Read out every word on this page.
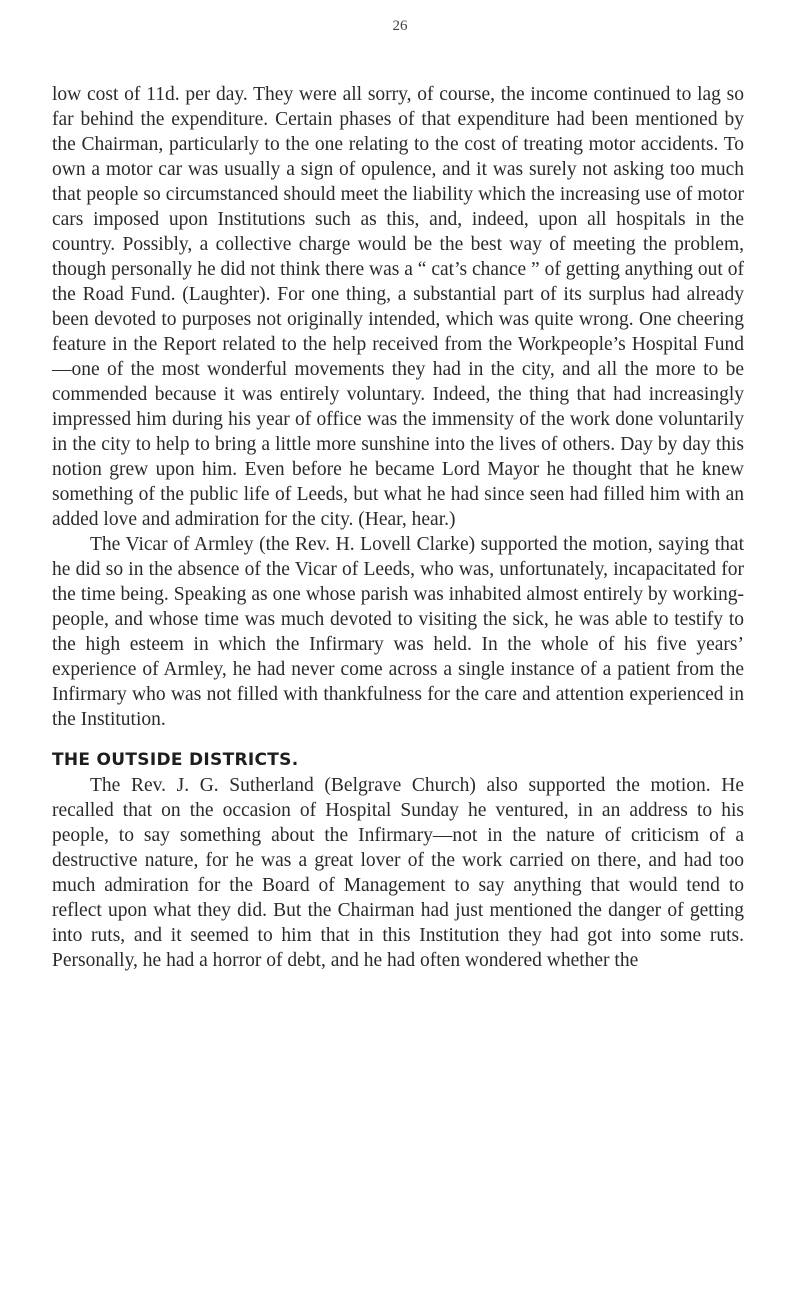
26

low cost of 11d. per day. They were all sorry, of course, the income continued to lag so far behind the expenditure. Certain phases of that expenditure had been mentioned by the Chairman, particularly to the one relating to the cost of treating motor accidents. To own a motor car was usually a sign of opulence, and it was surely not asking too much that people so circumstanced should meet the liability which the increasing use of motor cars imposed upon Institutions such as this, and, indeed, upon all hospitals in the country. Possibly, a collective charge would be the best way of meeting the problem, though personally he did not think there was a “ cat’s chance ” of getting anything out of the Road Fund. (Laughter). For one thing, a substantial part of its surplus had already been devoted to purposes not originally intended, which was quite wrong. One cheering feature in the Report related to the help received from the Workpeople’s Hospital Fund—one of the most wonderful movements they had in the city, and all the more to be commended because it was entirely voluntary. Indeed, the thing that had increasingly impressed him during his year of office was the immensity of the work done voluntarily in the city to help to bring a little more sunshine into the lives of others. Day by day this notion grew upon him. Even before he became Lord Mayor he thought that he knew something of the public life of Leeds, but what he had since seen had filled him with an added love and admiration for the city. (Hear, hear.)

The Vicar of Armley (the Rev. H. Lovell Clarke) supported the motion, saying that he did so in the absence of the Vicar of Leeds, who was, unfortunately, incapacitated for the time being. Speaking as one whose parish was inhabited almost entirely by working-people, and whose time was much devoted to visiting the sick, he was able to testify to the high esteem in which the Infirmary was held. In the whole of his five years’ experience of Armley, he had never come across a single instance of a patient from the Infirmary who was not filled with thankfulness for the care and attention experienced in the Institution.

THE OUTSIDE DISTRICTS.

The Rev. J. G. Sutherland (Belgrave Church) also supported the motion. He recalled that on the occasion of Hospital Sunday he ventured, in an address to his people, to say something about the Infirmary—not in the nature of criticism of a destructive nature, for he was a great lover of the work carried on there, and had too much admiration for the Board of Management to say anything that would tend to reflect upon what they did. But the Chairman had just mentioned the danger of getting into ruts, and it seemed to him that in this Institution they had got into some ruts. Personally, he had a horror of debt, and he had often wondered whether the
